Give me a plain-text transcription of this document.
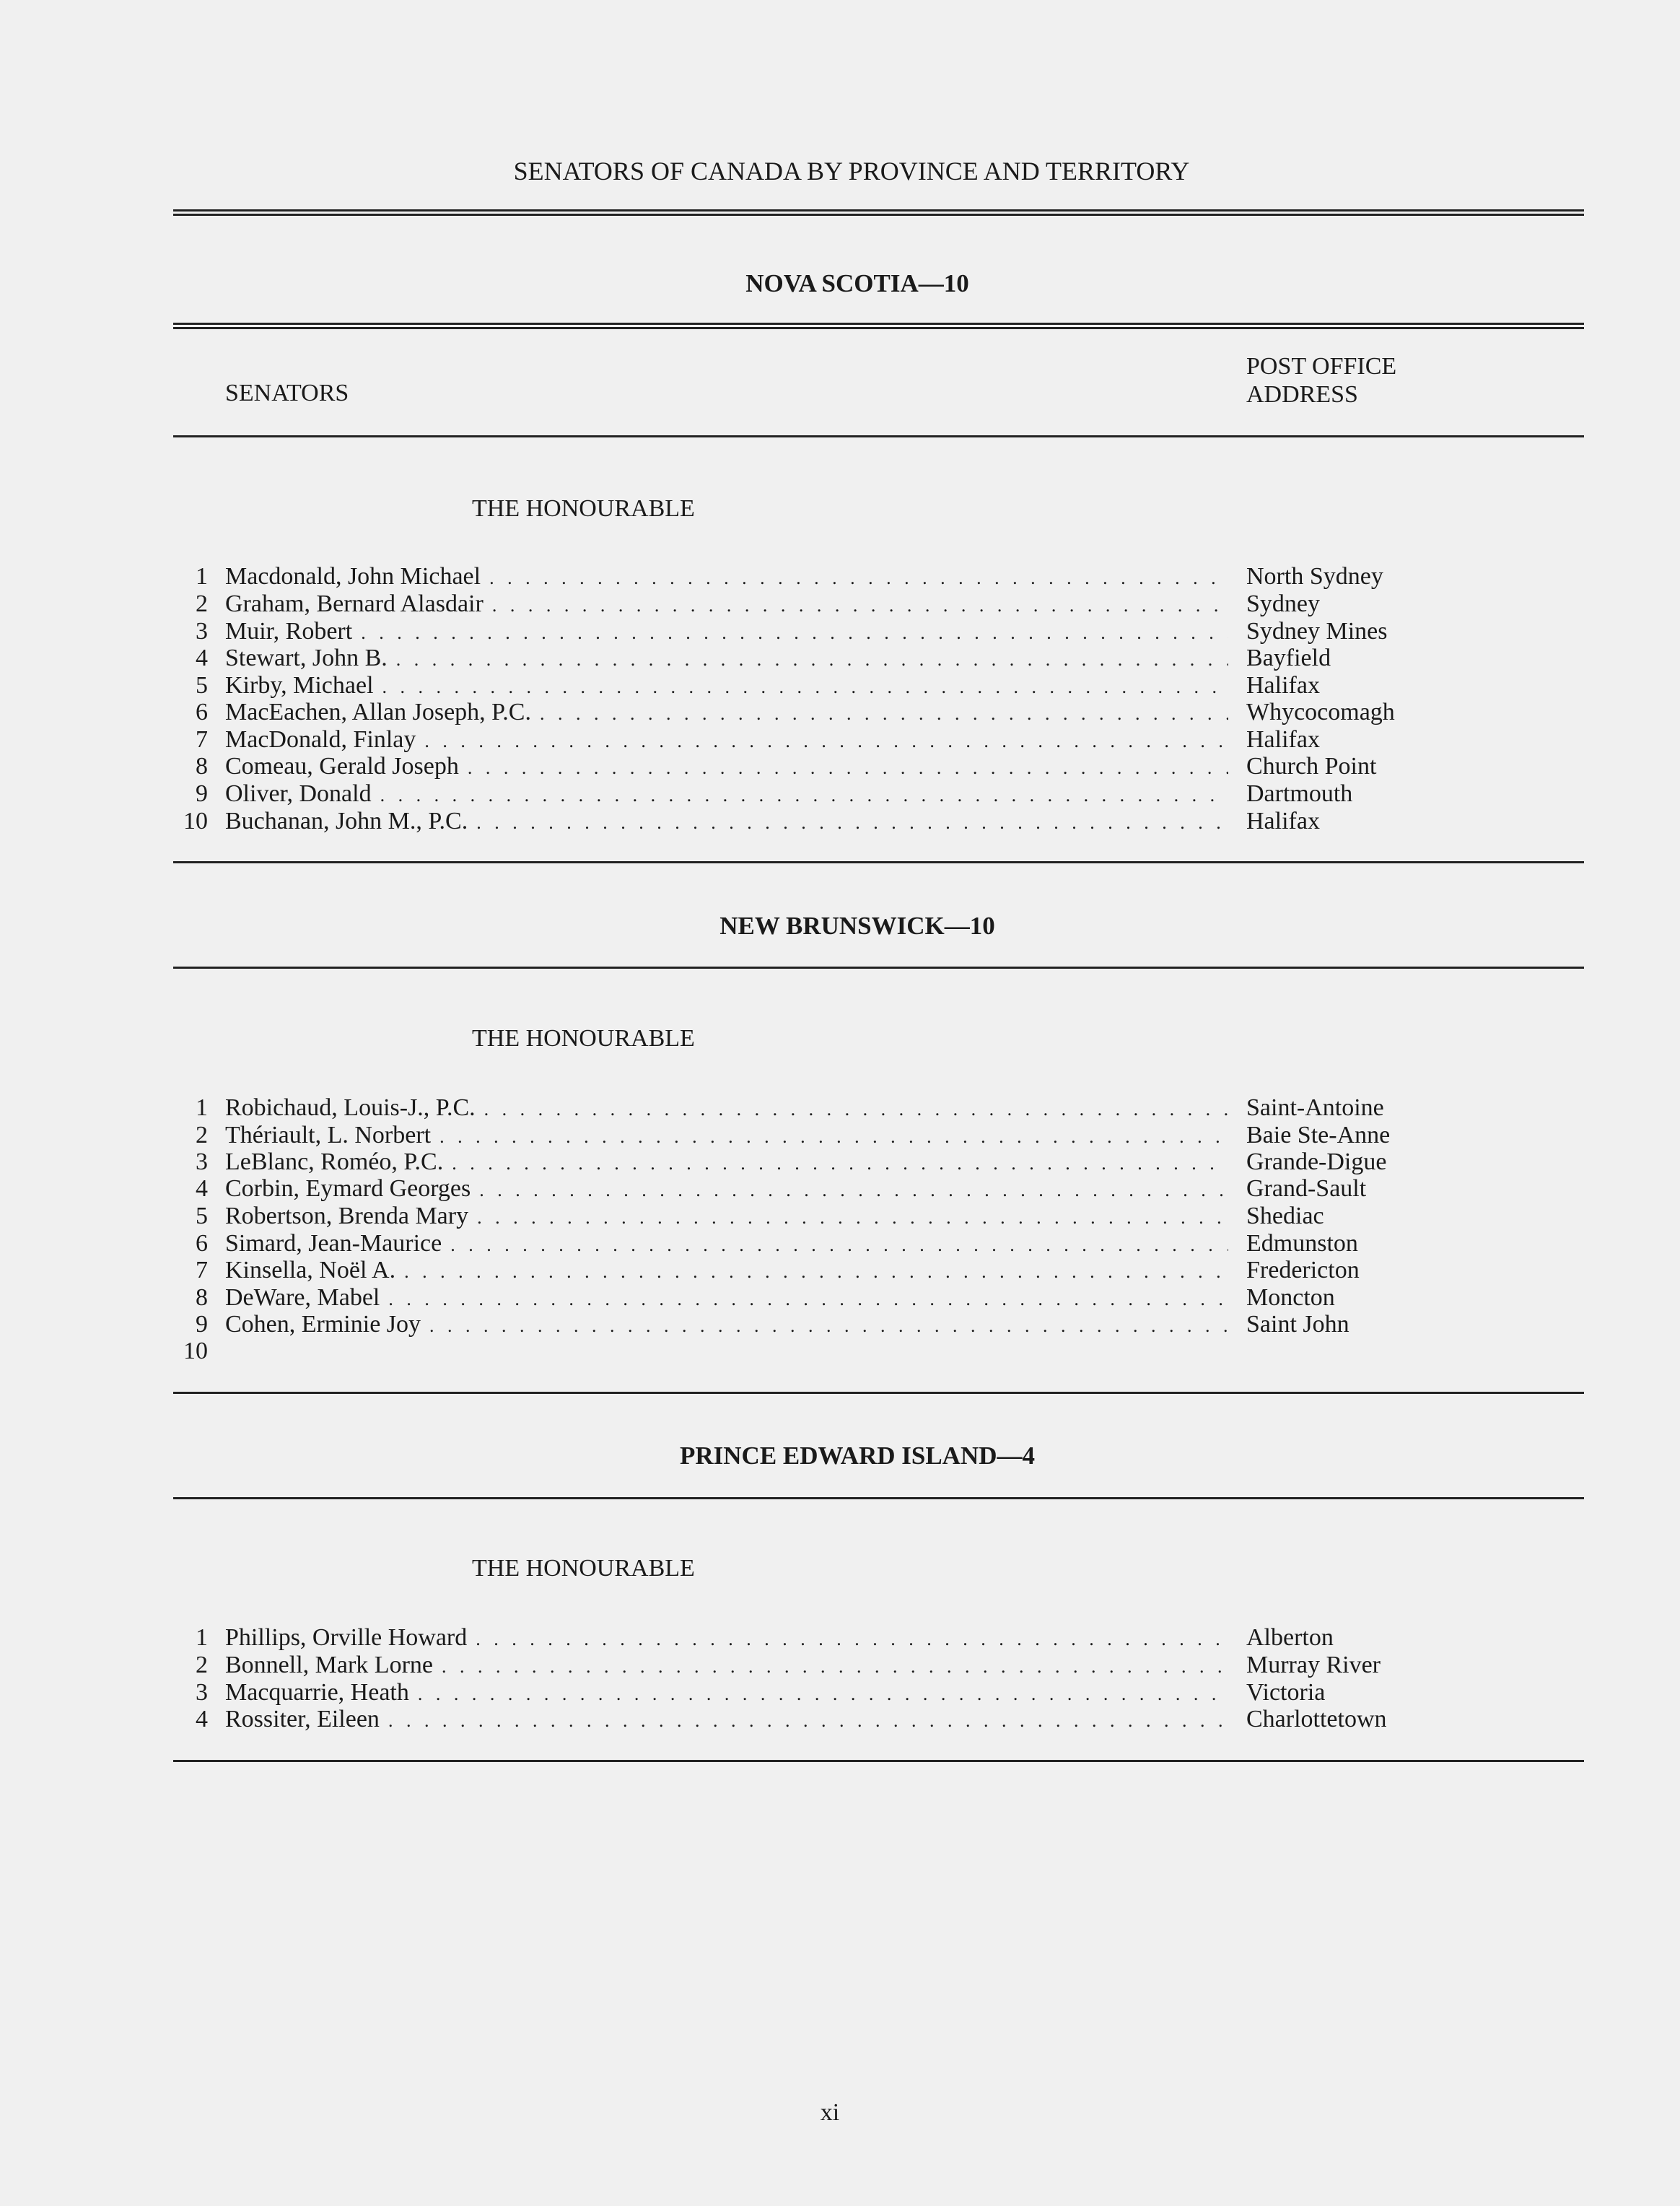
SENATORS OF CANADA BY PROVINCE AND TERRITORY
NOVA SCOTIA—10
SENATORS
POST OFFICE
ADDRESS
THE HONOURABLE
1 Macdonald, John Michael . . .	North Sydney
2 Graham, Bernard Alasdair . . .	Sydney
3 Muir, Robert . . .	Sydney Mines
4 Stewart, John B. . . .	Bayfield
5 Kirby, Michael . . .	Halifax
6 MacEachen, Allan Joseph, P.C. . . .	Whycocomagh
7 MacDonald, Finlay . . .	Halifax
8 Comeau, Gerald Joseph . . .	Church Point
9 Oliver, Donald . . .	Dartmouth
10 Buchanan, John M., P.C. . . .	Halifax
NEW BRUNSWICK—10
THE HONOURABLE
1 Robichaud, Louis-J., P.C. . . .	Saint-Antoine
2 Thériault, L. Norbert . . .	Baie Ste-Anne
3 LeBlanc, Roméo, P.C. . . .	Grande-Digue
4 Corbin, Eymard Georges . . .	Grand-Sault
5 Robertson, Brenda Mary . . .	Shediac
6 Simard, Jean-Maurice . . .	Edmunston
7 Kinsella, Noël A. . . .	Fredericton
8 DeWare, Mabel . . .	Moncton
9 Cohen, Erminie Joy . . .	Saint John
10
PRINCE EDWARD ISLAND—4
THE HONOURABLE
1 Phillips, Orville Howard . . .	Alberton
2 Bonnell, Mark Lorne . . .	Murray River
3 Macquarrie, Heath . . .	Victoria
4 Rossiter, Eileen . . .	Charlottetown
xi
